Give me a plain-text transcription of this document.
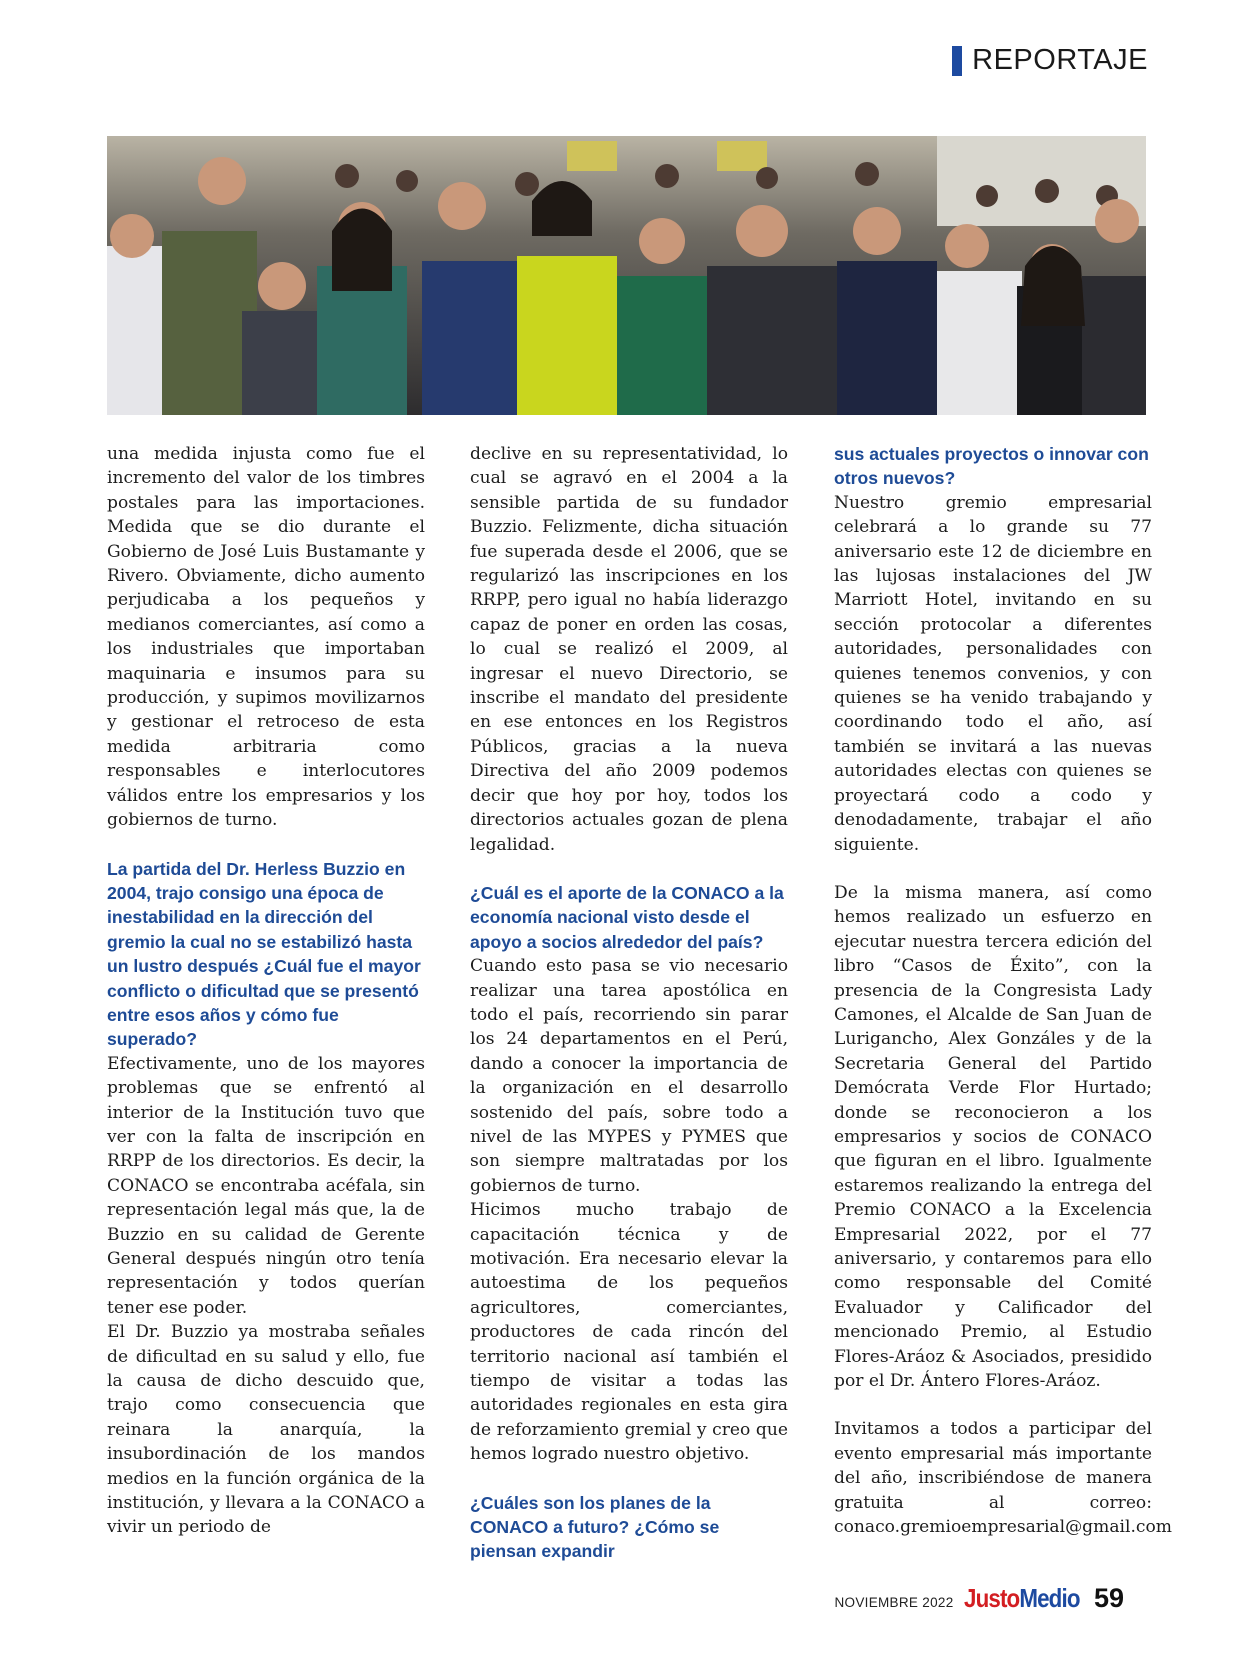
REPORTAJE

una medida injusta como fue el incremento del valor de los timbres postales para las importaciones. Medida que se dio durante el Gobierno de José Luis Bustamante y Rivero. Obviamente, dicho aumento perjudicaba a los pequeños y medianos comerciantes, así como a los industriales que importaban maquinaria e insumos para su producción, y supimos movilizarnos y gestionar el retroceso de esta medida arbitraria como responsables e interlocutores válidos entre los empresarios y los gobiernos de turno.

La partida del Dr. Herless Buzzio en 2004, trajo consigo una época de inestabilidad en la dirección del gremio la cual no se estabilizó hasta un lustro después ¿Cuál fue el mayor conflicto o dificultad que se presentó entre esos años y cómo fue superado?

Efectivamente, uno de los mayores problemas que se enfrentó al interior de la Institución tuvo que ver con la falta de inscripción en RRPP de los directorios. Es decir, la CONACO se encontraba acéfala, sin representación legal más que, la de Buzzio en su calidad de Gerente General después ningún otro tenía representación y todos querían tener ese poder.

El Dr. Buzzio ya mostraba señales de dificultad en su salud y ello, fue la causa de dicho descuido que, trajo como consecuencia que reinara la anarquía, la insubordinación de los mandos medios en la función orgánica de la institución, y llevara a la CONACO a vivir un periodo de

declive en su representatividad, lo cual se agravó en el 2004 a la sensible partida de su fundador Buzzio. Felizmente, dicha situación fue superada desde el 2006, que se regularizó las inscripciones en los RRPP, pero igual no había liderazgo capaz de poner en orden las cosas, lo cual se realizó el 2009, al ingresar el nuevo Directorio, se inscribe el mandato del presidente en ese entonces en los Registros Públicos, gracias a la nueva Directiva del año 2009 podemos decir que hoy por hoy, todos los directorios actuales gozan de plena legalidad.

¿Cuál es el aporte de la CONACO a la economía nacional visto desde el apoyo a socios alrededor del país?

Cuando esto pasa se vio necesario realizar una tarea apostólica en todo el país, recorriendo sin parar los 24 departamentos en el Perú, dando a conocer la importancia de la organización en el desarrollo sostenido del país, sobre todo a nivel de las MYPES y PYMES que son siempre maltratadas por los gobiernos de turno.

Hicimos mucho trabajo de capacitación técnica y de motivación. Era necesario elevar la autoestima de los pequeños agricultores, comerciantes, productores de cada rincón del territorio nacional así también el tiempo de visitar a todas las autoridades regionales en esta gira de reforzamiento gremial y creo que hemos logrado nuestro objetivo.

¿Cuáles son los planes de la CONACO a futuro? ¿Cómo se piensan expandir

sus actuales proyectos o innovar con otros nuevos?

Nuestro gremio empresarial celebrará a lo grande su 77 aniversario este 12 de diciembre en las lujosas instalaciones del JW Marriott Hotel, invitando en su sección protocolar a diferentes autoridades, personalidades con quienes tenemos convenios, y con quienes se ha venido trabajando y coordinando todo el año, así también se invitará a las nuevas autoridades electas con quienes se proyectará codo a codo y denodadamente, trabajar el año siguiente.

De la misma manera, así como hemos realizado un esfuerzo en ejecutar nuestra tercera edición del libro “Casos de Éxito”, con la presencia de la Congresista Lady Camones, el Alcalde de San Juan de Lurigancho, Alex Gonzáles y de la Secretaria General del Partido Demócrata Verde Flor Hurtado; donde se reconocieron a los empresarios y socios de CONACO que figuran en el libro. Igualmente estaremos realizando la entrega del Premio CONACO a la Excelencia Empresarial 2022, por el 77 aniversario, y contaremos para ello como responsable del Comité Evaluador y Calificador del mencionado Premio, al Estudio Flores-Aráoz & Asociados, presidido por el Dr. Ántero Flores-Aráoz.

Invitamos a todos a participar del evento empresarial más importante del año, inscribiéndose de manera gratuita al correo: conaco.gremioempresarial@gmail.com

NOVIEMBRE 2022 JustoMedio 59
